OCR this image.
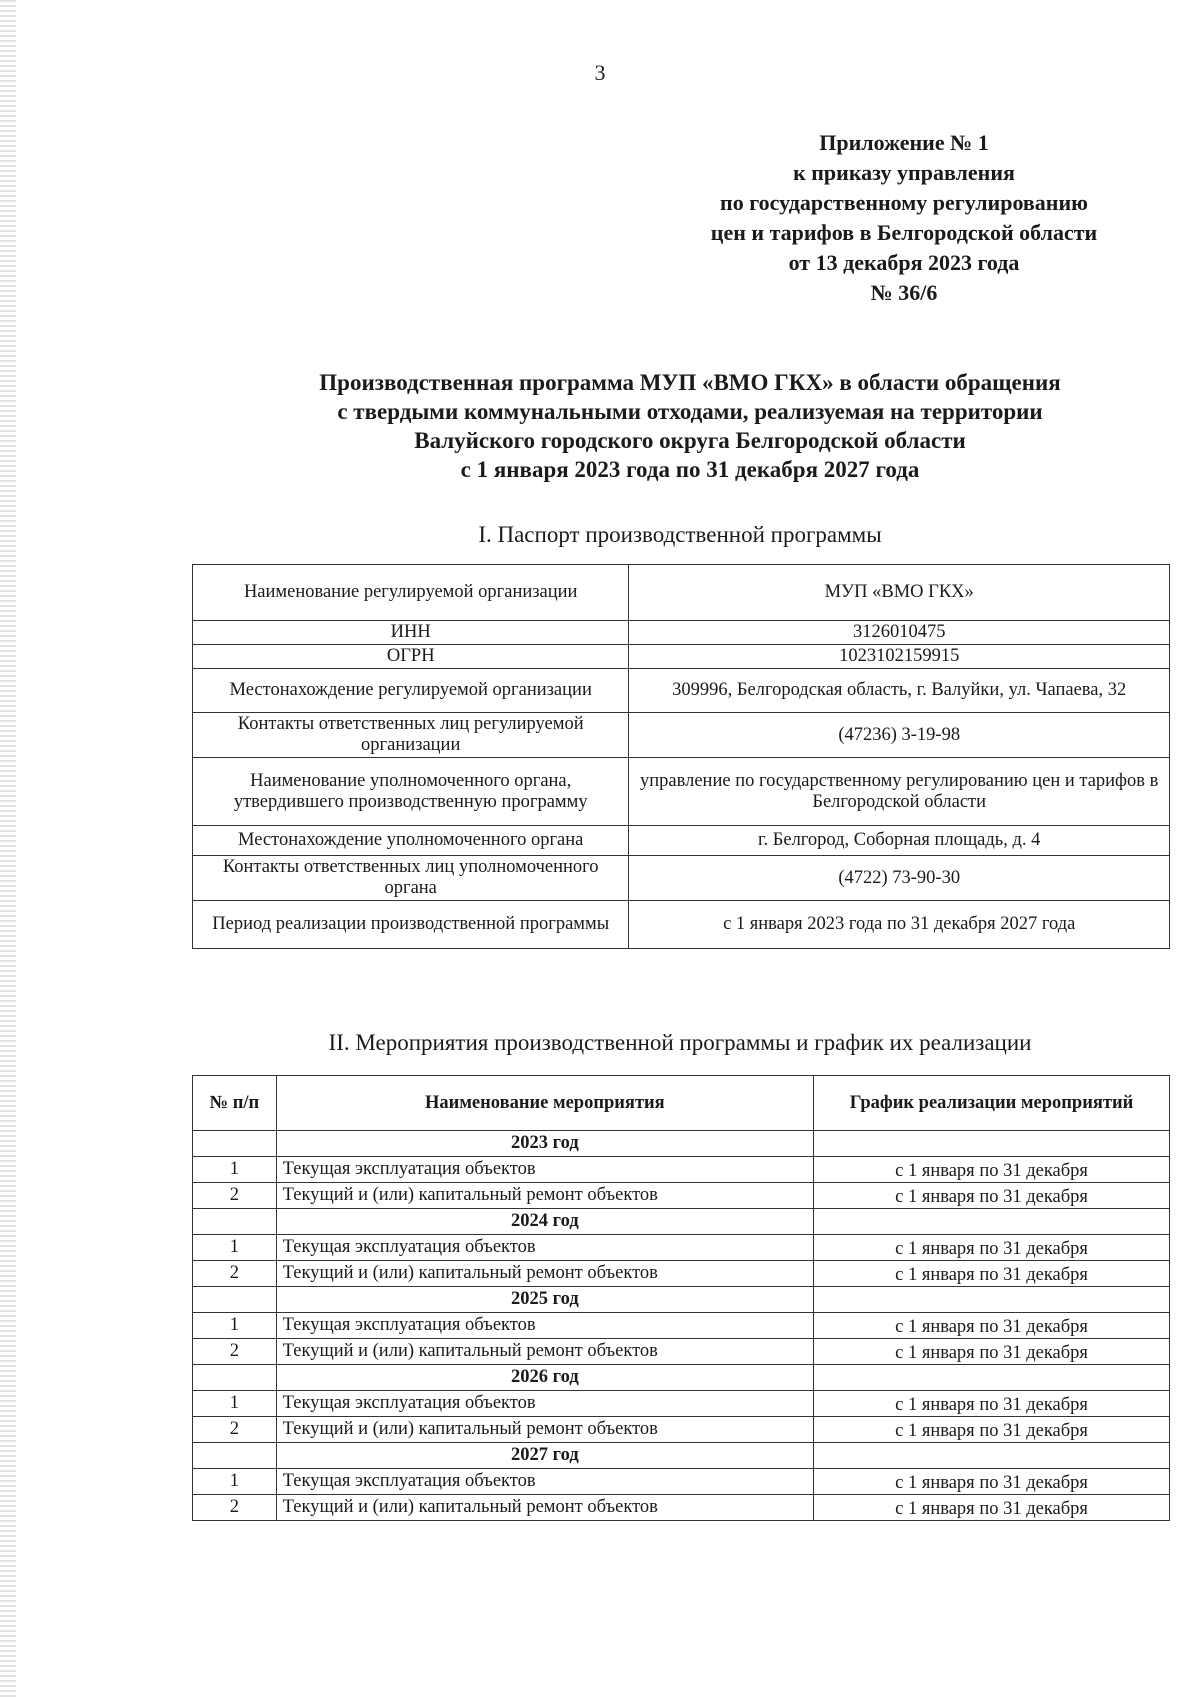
3
Приложение № 1
к приказу управления
по государственному регулированию
цен и тарифов в Белгородской области
от 13 декабря 2023 года
№ 36/6
Производственная программа МУП «ВМО ГКХ» в области обращения
с твердыми коммунальными отходами, реализуемая на территории
Валуйского городского округа Белгородской области
с 1 января 2023 года по 31 декабря 2027 года
I. Паспорт производственной программы
Наименование регулируемой организации	МУП «ВМО ГКХ»
ИНН	3126010475
ОГРН	1023102159915
Местонахождение регулируемой организации	309996, Белгородская область, г. Валуйки, ул. Чапаева, 32
Контакты ответственных лиц регулируемой организации	(47236) 3-19-98
Наименование уполномоченного органа, утвердившего производственную программу	управление по государственному регулированию цен и тарифов в Белгородской области
Местонахождение уполномоченного органа	г. Белгород, Соборная площадь, д. 4
Контакты ответственных лиц уполномоченного органа	(4722) 73-90-30
Период реализации производственной программы	с 1 января 2023 года по 31 декабря 2027 года
II. Мероприятия производственной программы и график их реализации
№ п/п	Наименование мероприятия	График реализации мероприятий
	2023 год	
1	Текущая эксплуатация объектов	с 1 января по 31 декабря
2	Текущий и (или) капитальный ремонт объектов	с 1 января по 31 декабря
	2024 год	
1	Текущая эксплуатация объектов	с 1 января по 31 декабря
2	Текущий и (или) капитальный ремонт объектов	с 1 января по 31 декабря
	2025 год	
1	Текущая эксплуатация объектов	с 1 января по 31 декабря
2	Текущий и (или) капитальный ремонт объектов	с 1 января по 31 декабря
	2026 год	
1	Текущая эксплуатация объектов	с 1 января по 31 декабря
2	Текущий и (или) капитальный ремонт объектов	с 1 января по 31 декабря
	2027 год	
1	Текущая эксплуатация объектов	с 1 января по 31 декабря
2	Текущий и (или) капитальный ремонт объектов	с 1 января по 31 декабря
